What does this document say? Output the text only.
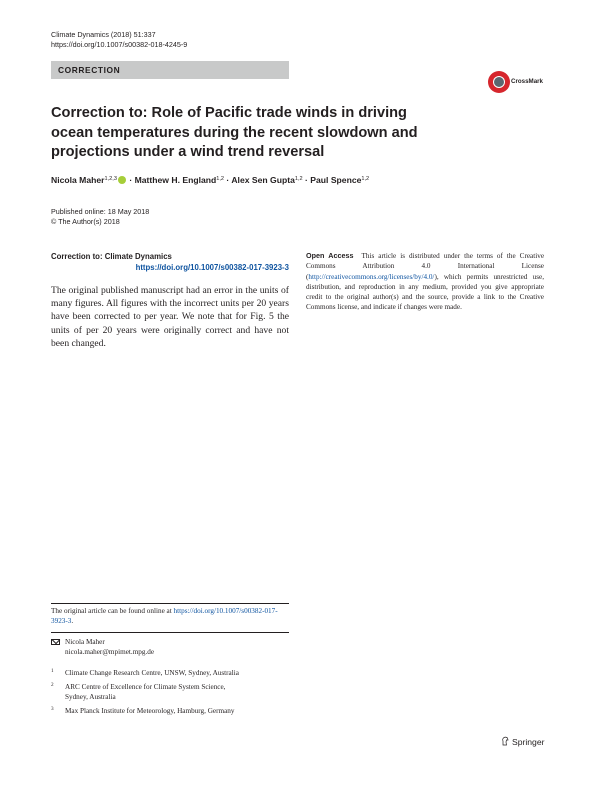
Climate Dynamics (2018) 51:337
https://doi.org/10.1007/s00382-018-4245-9
CORRECTION
CrossMark
Correction to: Role of Pacific trade winds in driving ocean temperatures during the recent slowdown and projections under a wind trend reversal
Nicola Maher$^{1,2,3}$ · Matthew H. England$^{1,2}$ · Alex Sen Gupta$^{1,2}$ · Paul Spence$^{1,2}$
Published online: 18 May 2018
© The Author(s) 2018
Correction to: Climate Dynamics
https://doi.org/10.1007/s00382-017-3923-3

The original published manuscript had an error in the units of many figures. All figures with the incorrect units per 20 years have been corrected to per year. We note that for Fig. 5 the units of per 20 years were originally correct and have not been changed.

Open Access This article is distributed under the terms of the Creative Commons Attribution 4.0 International License (http://creativecommons.org/licenses/by/4.0/), which permits unrestricted use, distribution, and reproduction in any medium, provided you give appropriate credit to the original author(s) and the source, provide a link to the Creative Commons license, and indicate if changes were made.

The original article can be found online at https://doi.org/10.1007/s00382-017-3923-3.

Nicola Maher
nicola.maher@mpimet.mpg.de
1 Climate Change Research Centre, UNSW, Sydney, Australia
2 ARC Centre of Excellence for Climate System Science,
Sydney, Australia
3 Max Planck Institute for Meteorology, Hamburg, Germany
Springer
